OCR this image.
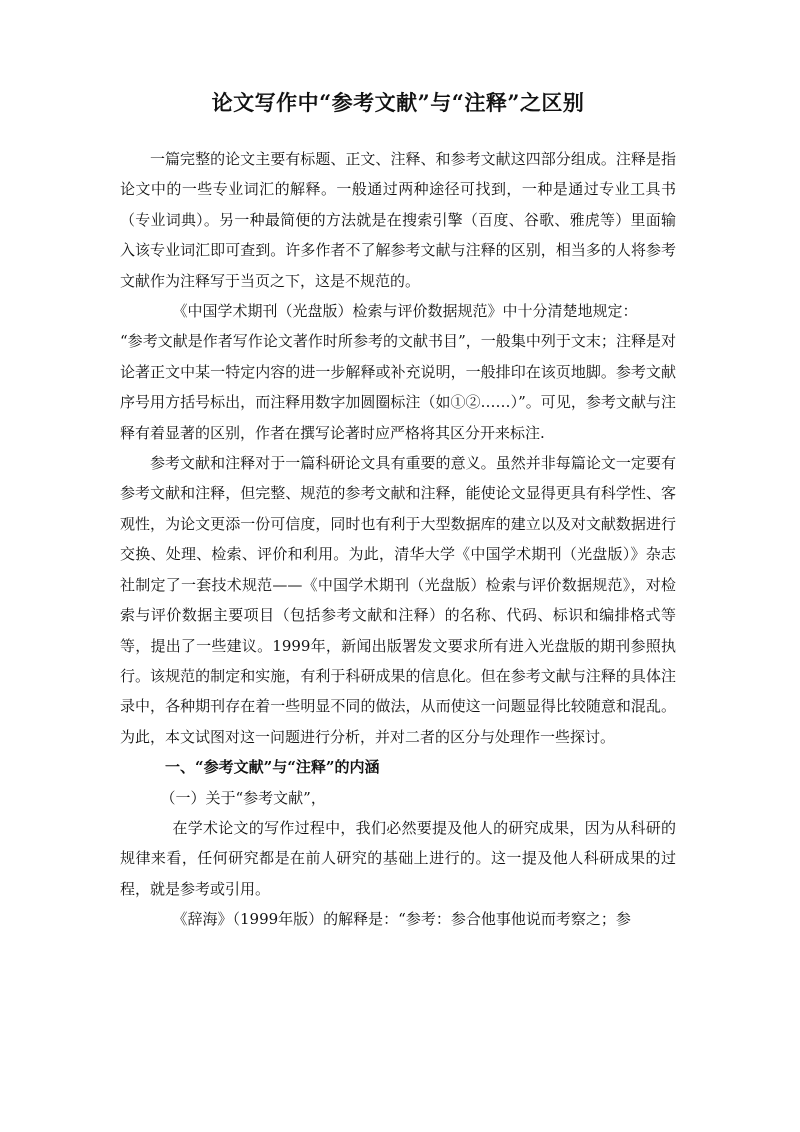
论文写作中“参考文献”与“注释”之区别

一篇完整的论文主要有标题、正文、注释、和参考文献这四部分组成。注释是指论文中的一些专业词汇的解释。一般通过两种途径可找到，一种是通过专业工具书（专业词典）。另一种最简便的方法就是在搜索引擎（百度、谷歌、雅虎等）里面输入该专业词汇即可查到。许多作者不了解参考文献与注释的区别，相当多的人将参考文献作为注释写于当页之下，这是不规范的。

《中国学术期刊（光盘版）检索与评价数据规范》中十分清楚地规定：

“参考文献是作者写作论文著作时所参考的文献书目”，一般集中列于文末；注释是对论著正文中某一特定内容的进一步解释或补充说明，一般排印在该页地脚。参考文献序号用方括号标出，而注释用数字加圆圈标注（如①②……）”。可见，参考文献与注释有着显著的区别，作者在撰写论著时应严格将其区分开来标注.

参考文献和注释对于一篇科研论文具有重要的意义。虽然并非每篇论文一定要有参考文献和注释，但完整、规范的参考文献和注释，能使论文显得更具有科学性、客观性，为论文更添一份可信度，同时也有利于大型数据库的建立以及对文献数据进行交换、处理、检索、评价和利用。为此，清华大学《中国学术期刊（光盘版）》杂志社制定了一套技术规范——《中国学术期刊（光盘版）检索与评价数据规范》，对检索与评价数据主要项目（包括参考文献和注释）的名称、代码、标识和编排格式等等，提出了一些建议。1999年，新闻出版署发文要求所有进入光盘版的期刊参照执行。该规范的制定和实施，有利于科研成果的信息化。但在参考文献与注释的具体注录中，各种期刊存在着一些明显不同的做法，从而使这一问题显得比较随意和混乱。为此，本文试图对这一问题进行分析，并对二者的区分与处理作一些探讨。

一、“参考文献”与“注释”的内涵
（一）关于“参考文献”，

在学术论文的写作过程中，我们必然要提及他人的研究成果，因为从科研的规律来看，任何研究都是在前人研究的基础上进行的。这一提及他人科研成果的过程，就是参考或引用。

《辞海》（1999年版）的解释是：“参考：参合他事他说而考察之；参
